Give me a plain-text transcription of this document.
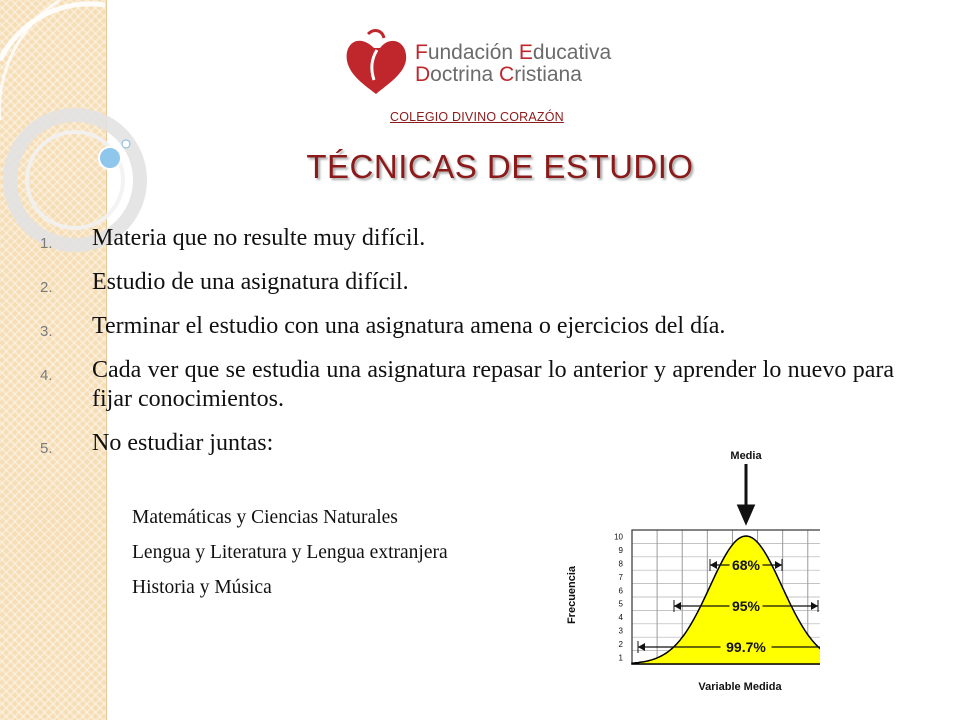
Fundación Educativa
Doctrina Cristiana
COLEGIO DIVINO CORAZÓN
TÉCNICAS DE ESTUDIO
1. Materia que no resulte muy difícil.
2. Estudio de una asignatura difícil.
3. Terminar el estudio con una asignatura amena o ejercicios del día.
4. Cada ver que se estudia una asignatura repasar lo anterior y aprender lo nuevo para fijar conocimientos.
5. No estudiar juntas:
Matemáticas y Ciencias Naturales
Lengua y Literatura y Lengua extranjera
Historia y Música
Media
Variable Medida
Frecuencia
1
2
3
4
5
6
7
8
9
10
68%
95%
99.7%
